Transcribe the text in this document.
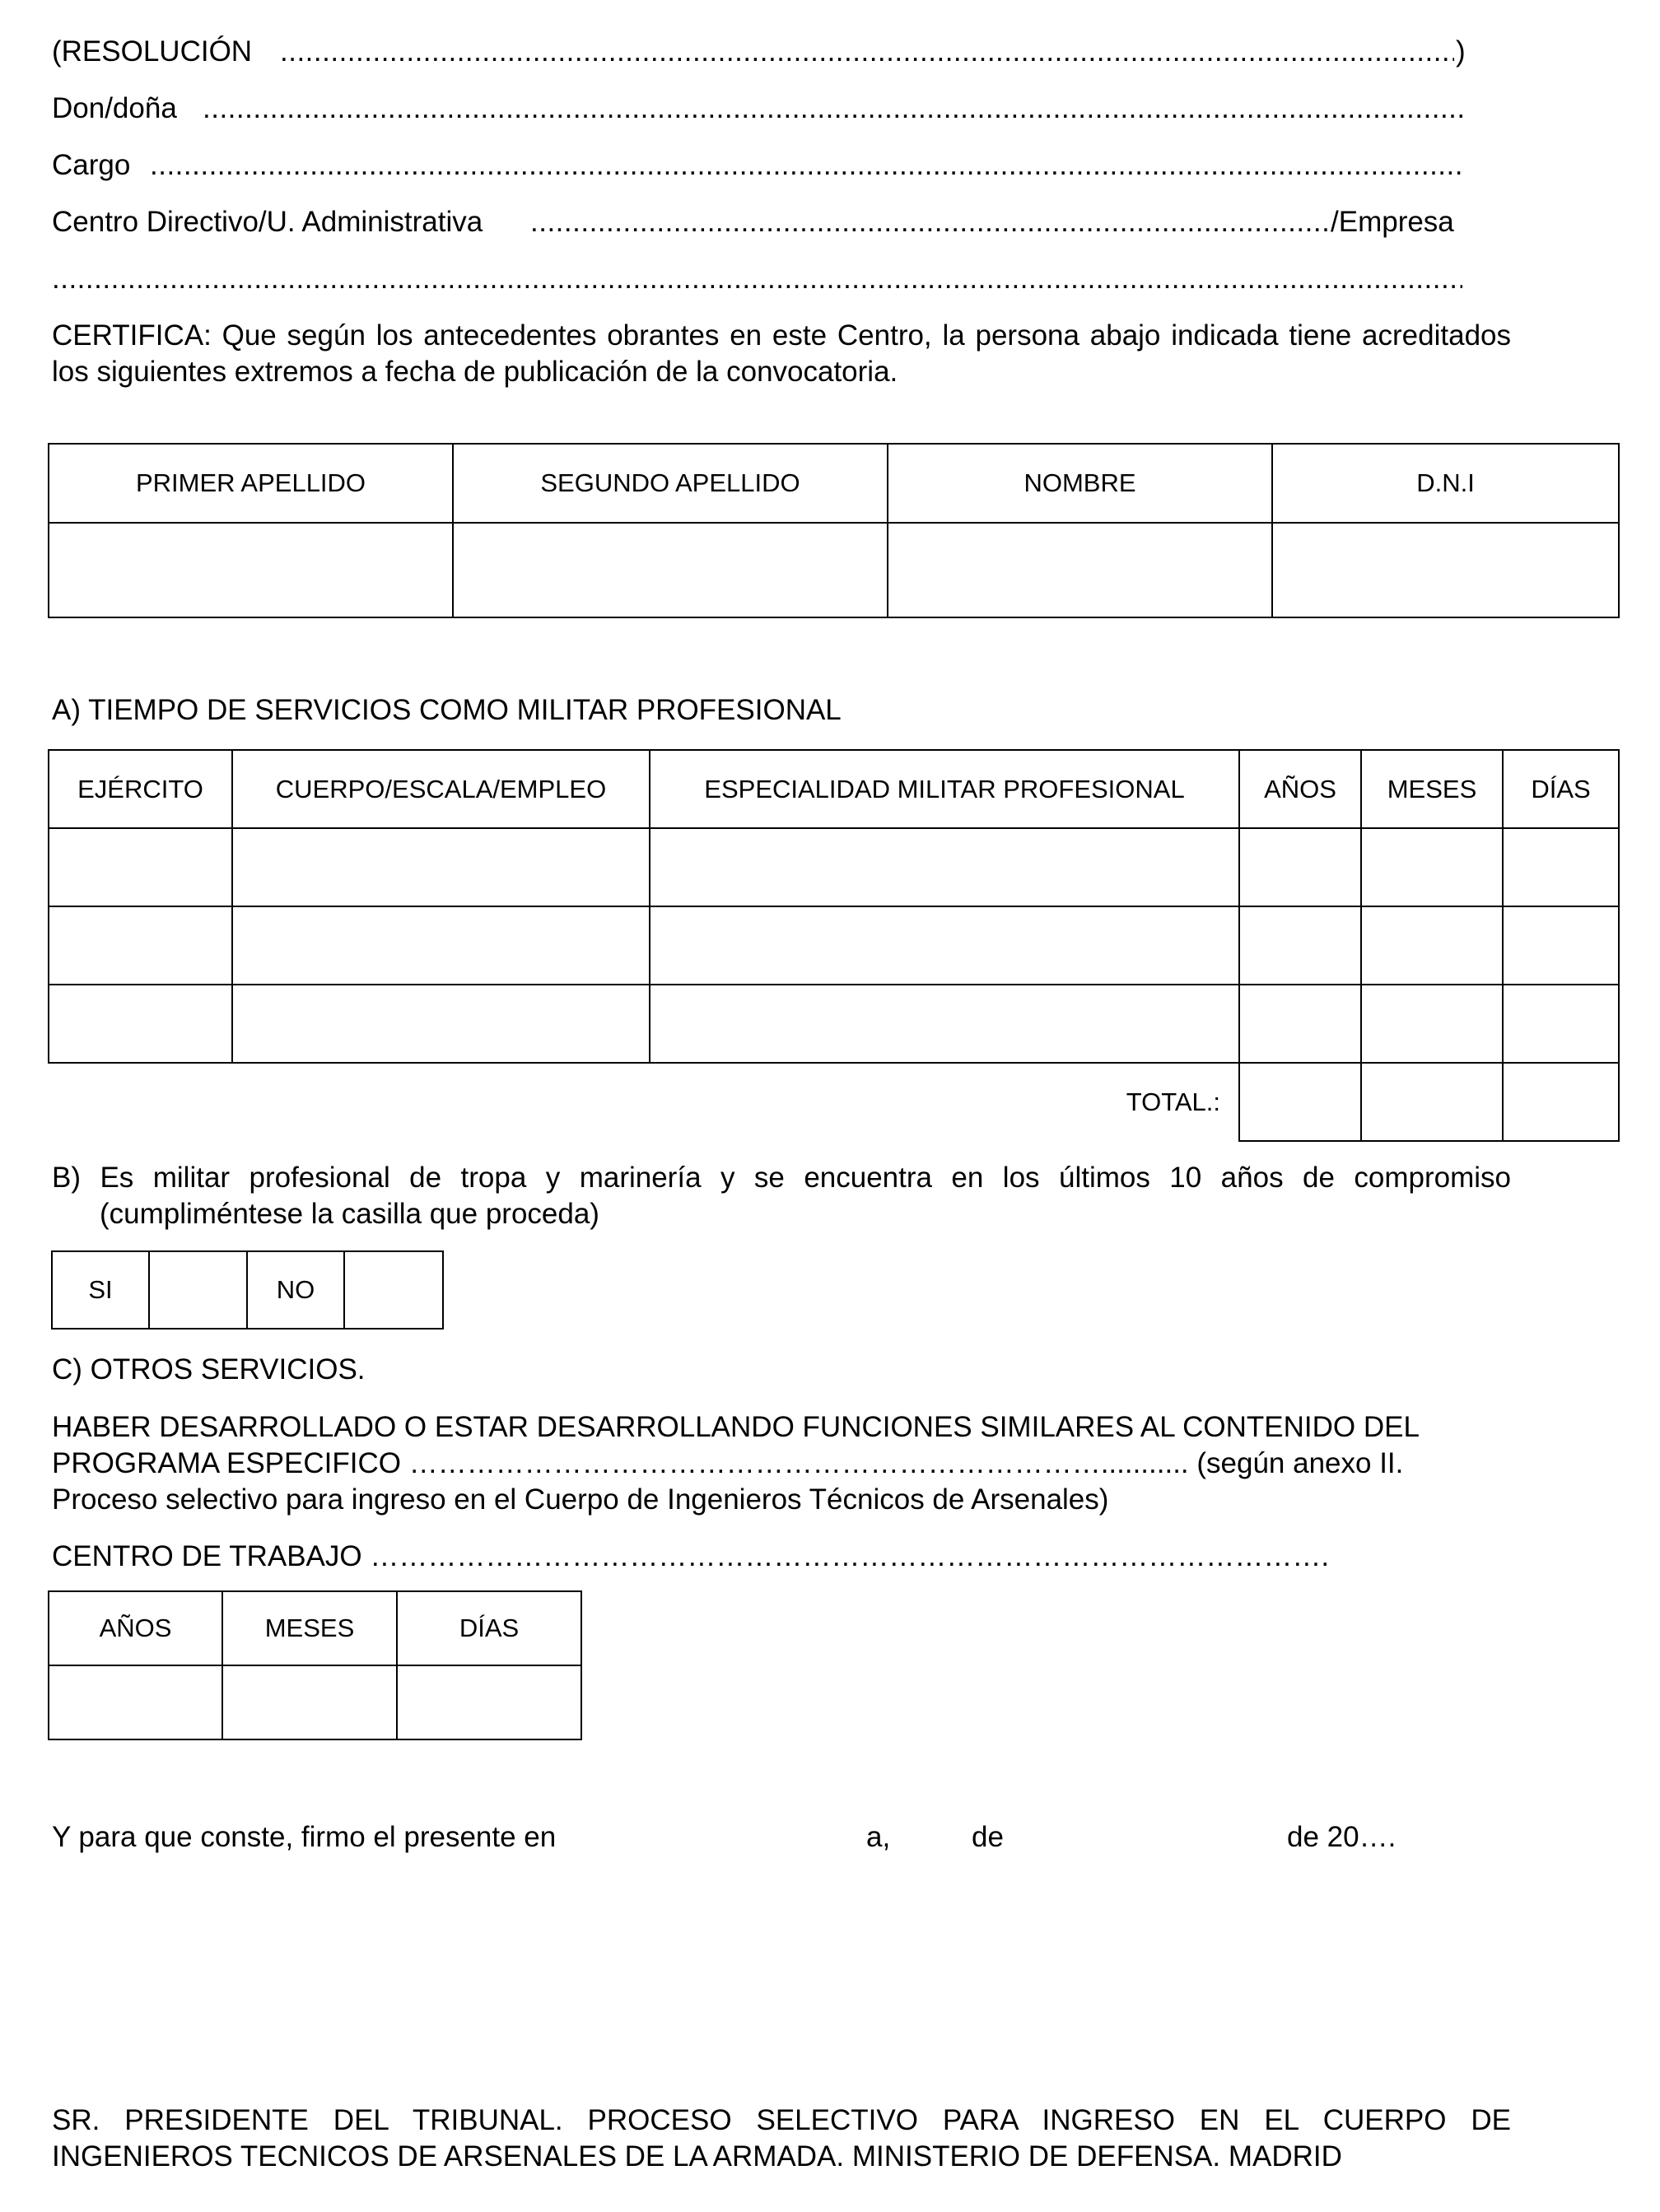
(RESOLUCIÓN .....	)
Don/doña
.....
Cargo
.....
Centro Directivo/U. Administrativa .....	/Empresa
.....
CERTIFICA: Que según los antecedentes obrantes en este Centro, la persona abajo indicada tiene acreditados los siguientes extremos a fecha de publicación de la convocatoria.
PRIMER APELLIDO	SEGUNDO APELLIDO	NOMBRE	D.N.I

A) TIEMPO DE SERVICIOS COMO MILITAR PROFESIONAL
EJÉRCITO	CUERPO/ESCALA/EMPLEO	ESPECIALIDAD MILITAR PROFESIONAL	AÑOS	MESES	DÍAS

TOTAL.:					
B) Es militar profesional de tropa y marinería y se encuentra en los últimos 10 años de compromiso
(cumpliméntese la casilla que proceda)
SI		NO	
C) OTROS SERVICIOS.
HABER DESARROLLADO O ESTAR DESARROLLANDO FUNCIONES SIMILARES AL CONTENIDO DEL
PROGRAMA ESPECIFICO ………………………………………………………………........... (según anexo II.
Proceso selectivo para ingreso en el Cuerpo de Ingenieros Técnicos de Arsenales)
CENTRO DE TRABAJO ……………………………………………………………………………………….
AÑOS	MESES	DÍAS

Y para que conste, firmo el presente en	a,	de	de 20….
SR. PRESIDENTE DEL TRIBUNAL. PROCESO SELECTIVO PARA INGRESO EN EL CUERPO DE
INGENIEROS TECNICOS DE ARSENALES DE LA ARMADA. MINISTERIO DE DEFENSA. MADRID
